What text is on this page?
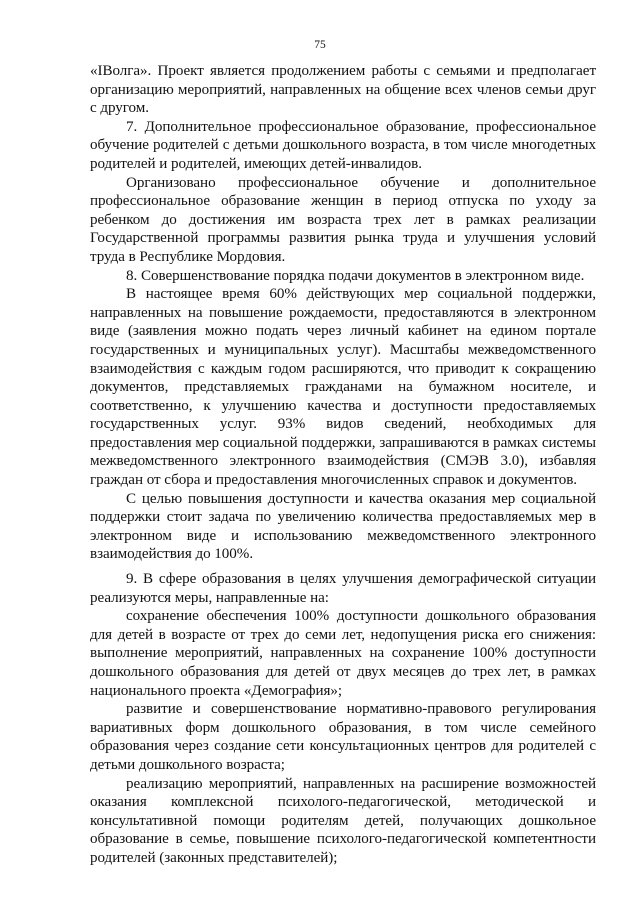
75

«IВолга». Проект является продолжением работы с семьями и предполагает организацию мероприятий, направленных на общение всех членов семьи друг с другом.

7. Дополнительное профессиональное образование, профессиональное обучение родителей с детьми дошкольного возраста, в том числе многодетных родителей и родителей, имеющих детей-инвалидов.

Организовано профессиональное обучение и дополнительное профессиональное образование женщин в период отпуска по уходу за ребенком до достижения им возраста трех лет в рамках реализации Государственной программы развития рынка труда и улучшения условий труда в Республике Мордовия.

8. Совершенствование порядка подачи документов в электронном виде.

В настоящее время 60% действующих мер социальной поддержки, направленных на повышение рождаемости, предоставляются в электронном виде (заявления можно подать через личный кабинет на едином портале государственных и муниципальных услуг). Масштабы межведомственного взаимодействия с каждым годом расширяются, что приводит к сокращению документов, представляемых гражданами на бумажном носителе, и соответственно, к улучшению качества и доступности предоставляемых государственных услуг. 93% видов сведений, необходимых для предоставления мер социальной поддержки, запрашиваются в рамках системы межведомственного электронного взаимодействия (СМЭВ 3.0), избавляя граждан от сбора и предоставления многочисленных справок и документов.

С целью повышения доступности и качества оказания мер социальной поддержки стоит задача по увеличению количества предоставляемых мер в электронном виде и использованию межведомственного электронного взаимодействия до 100%.

9. В сфере образования в целях улучшения демографической ситуации реализуются меры, направленные на:

сохранение обеспечения 100% доступности дошкольного образования для детей в возрасте от трех до семи лет, недопущения риска его снижения: выполнение мероприятий, направленных на сохранение 100% доступности дошкольного образования для детей от двух месяцев до трех лет, в рамках национального проекта «Демография»;

развитие и совершенствование нормативно-правового регулирования вариативных форм дошкольного образования, в том числе семейного образования через создание сети консультационных центров для родителей с детьми дошкольного возраста;

реализацию мероприятий, направленных на расширение возможностей оказания комплексной психолого-педагогической, методической и консультативной помощи родителям детей, получающих дошкольное образование в семье, повышение психолого-педагогической компетентности родителей (законных представителей);
